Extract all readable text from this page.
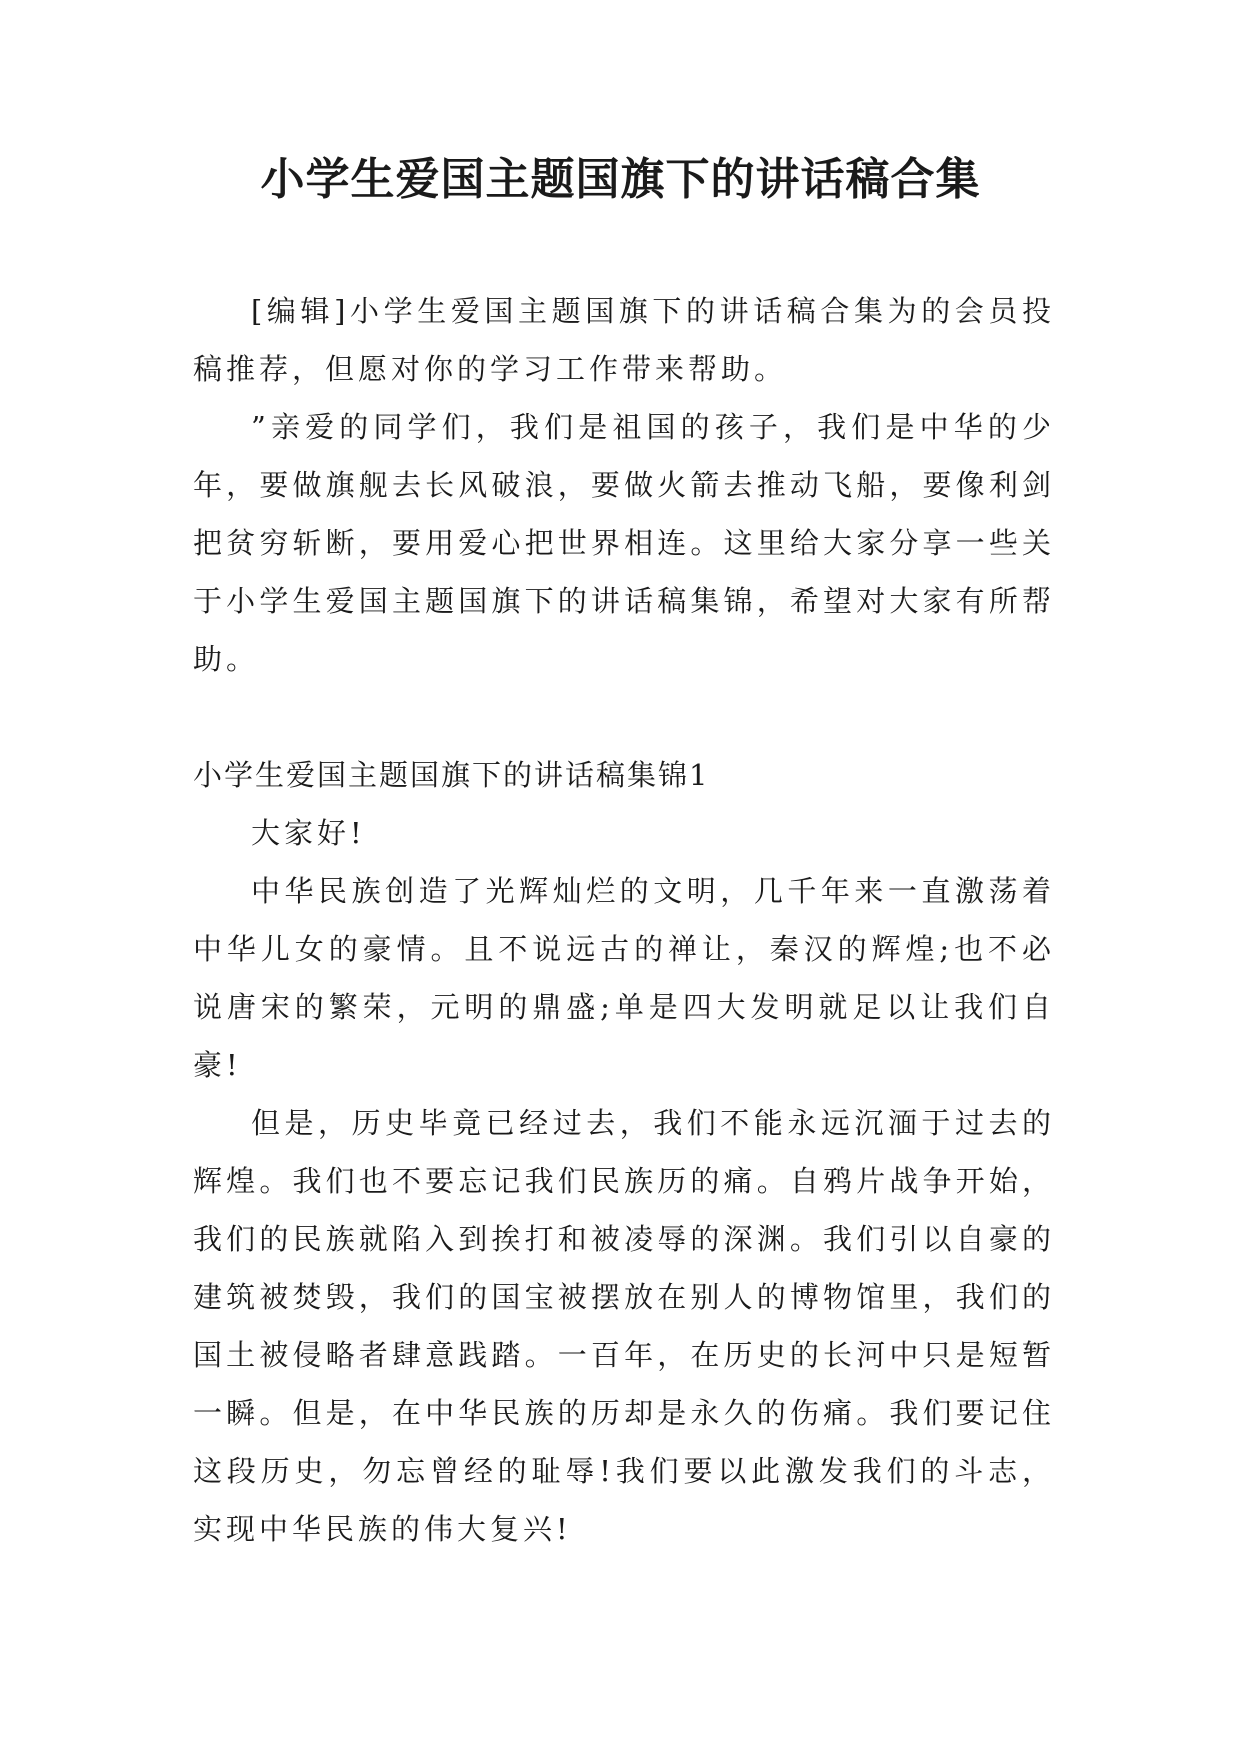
小学生爱国主题国旗下的讲话稿合集

[编辑]小学生爱国主题国旗下的讲话稿合集为的会员投稿推荐，但愿对你的学习工作带来帮助。

”亲爱的同学们，我们是祖国的孩子，我们是中华的少年，要做旗舰去长风破浪，要做火箭去推动飞船，要像利剑把贫穷斩断，要用爱心把世界相连。这里给大家分享一些关于小学生爱国主题国旗下的讲话稿集锦，希望对大家有所帮助。

小学生爱国主题国旗下的讲话稿集锦1

大家好!

中华民族创造了光辉灿烂的文明，几千年来一直激荡着中华儿女的豪情。且不说远古的禅让，秦汉的辉煌;也不必说唐宋的繁荣，元明的鼎盛;单是四大发明就足以让我们自豪!

但是，历史毕竟已经过去，我们不能永远沉湎于过去的辉煌。我们也不要忘记我们民族历的痛。自鸦片战争开始，我们的民族就陷入到挨打和被凌辱的深渊。我们引以自豪的建筑被焚毁，我们的国宝被摆放在别人的博物馆里，我们的国土被侵略者肆意践踏。一百年，在历史的长河中只是短暂一瞬。但是，在中华民族的历却是永久的伤痛。我们要记住这段历史，勿忘曾经的耻辱!我们要以此激发我们的斗志，实现中华民族的伟大复兴!
